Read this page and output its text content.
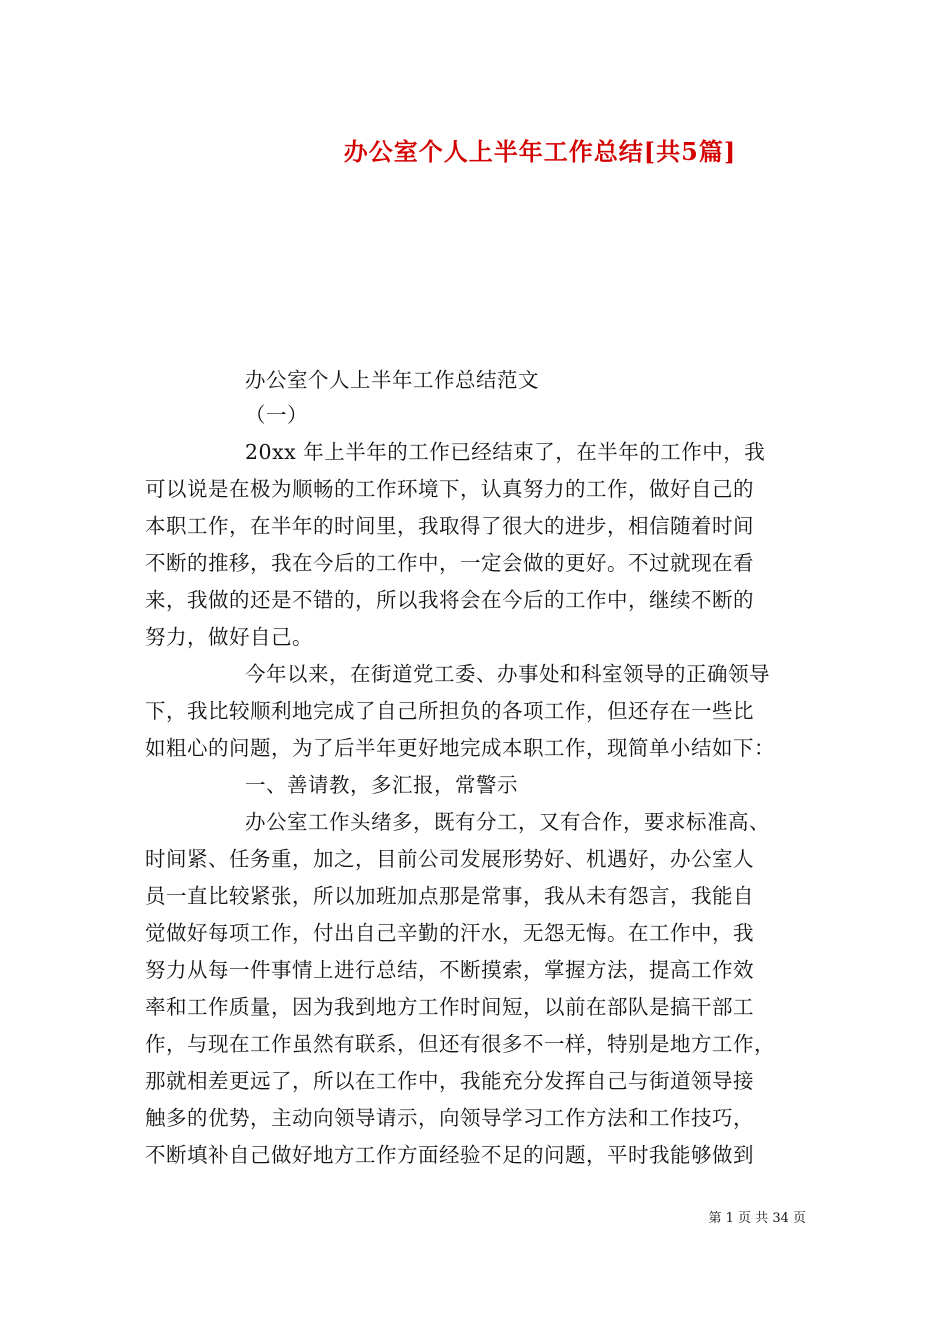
办公室个人上半年工作总结[共5篇]
办公室个人上半年工作总结范文
（一）
20xx 年上半年的工作已经结束了，在半年的工作中，我
可以说是在极为顺畅的工作环境下，认真努力的工作，做好自己的
本职工作，在半年的时间里，我取得了很大的进步，相信随着时间
不断的推移，我在今后的工作中，一定会做的更好。不过就现在看
来，我做的还是不错的，所以我将会在今后的工作中，继续不断的
努力，做好自己。
今年以来，在街道党工委、办事处和科室领导的正确领导
下，我比较顺利地完成了自己所担负的各项工作，但还存在一些比
如粗心的问题，为了后半年更好地完成本职工作，现简单小结如下：
一、善请教，多汇报，常警示
办公室工作头绪多，既有分工，又有合作，要求标准高、
时间紧、任务重，加之，目前公司发展形势好、机遇好，办公室人
员一直比较紧张，所以加班加点那是常事，我从未有怨言，我能自
觉做好每项工作，付出自己辛勤的汗水，无怨无悔。在工作中，我
努力从每一件事情上进行总结，不断摸索，掌握方法，提高工作效
率和工作质量，因为我到地方工作时间短，以前在部队是搞干部工
作，与现在工作虽然有联系，但还有很多不一样，特别是地方工作，
那就相差更远了，所以在工作中，我能充分发挥自己与街道领导接
触多的优势，主动向领导请示，向领导学习工作方法和工作技巧，
不断填补自己做好地方工作方面经验不足的问题，平时我能够做到
第 1 页 共 34 页
